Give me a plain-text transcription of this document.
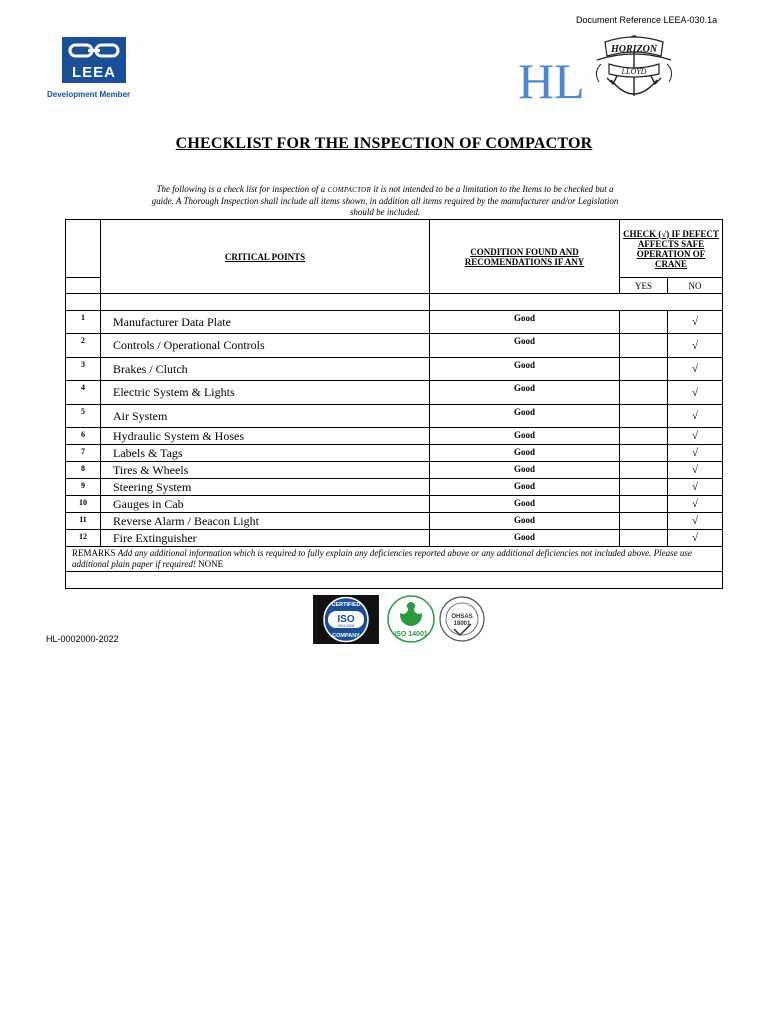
Document Reference LEEA-030.1a
LEEA
Development Member	HL
HORIZON
LLOYD
CHECKLIST FOR THE INSPECTION OF COMPACTOR
The following is a check list for inspection of a COMPACTOR it is not intended to be a limitation to the Items to be checked but a guide. A Thorough Inspection shall include all items shown, in addition all items required by the manufacturer and/or Legislation should be included.
	CRITICAL POINTS	CONDITION FOUND AND RECOMENDATIONS IF ANY	CHECK (√) IF DEFECT AFFECTS SAFE OPERATION OF CRANE	
			YES	NO

1	Manufacturer Data Plate	Good		√
2	Controls / Operational Controls	Good		√
3	Brakes / Clutch	Good		√
4	Electric System & Lights	Good		√
5	Air System	Good		√
6	Hydraulic System & Hoses	Good		√
7	Labels & Tags	Good		√
8	Tires & Wheels	Good		√
9	Steering System	Good		√
10	Gauges in Cab	Good		√
11	Reverse Alarm / Beacon Light	Good		√
12	Fire Extinguisher	Good		√
REMARKS Add any additional information which is required to fully explain any deficiencies reported above or any additional deficiencies not included above. Please use additional plain paper if required! NONE				

HL-0002000-2022
CERTIFIED
ISO
9001:2008
COMPANY	ISO 14001
OHSAS
18001
